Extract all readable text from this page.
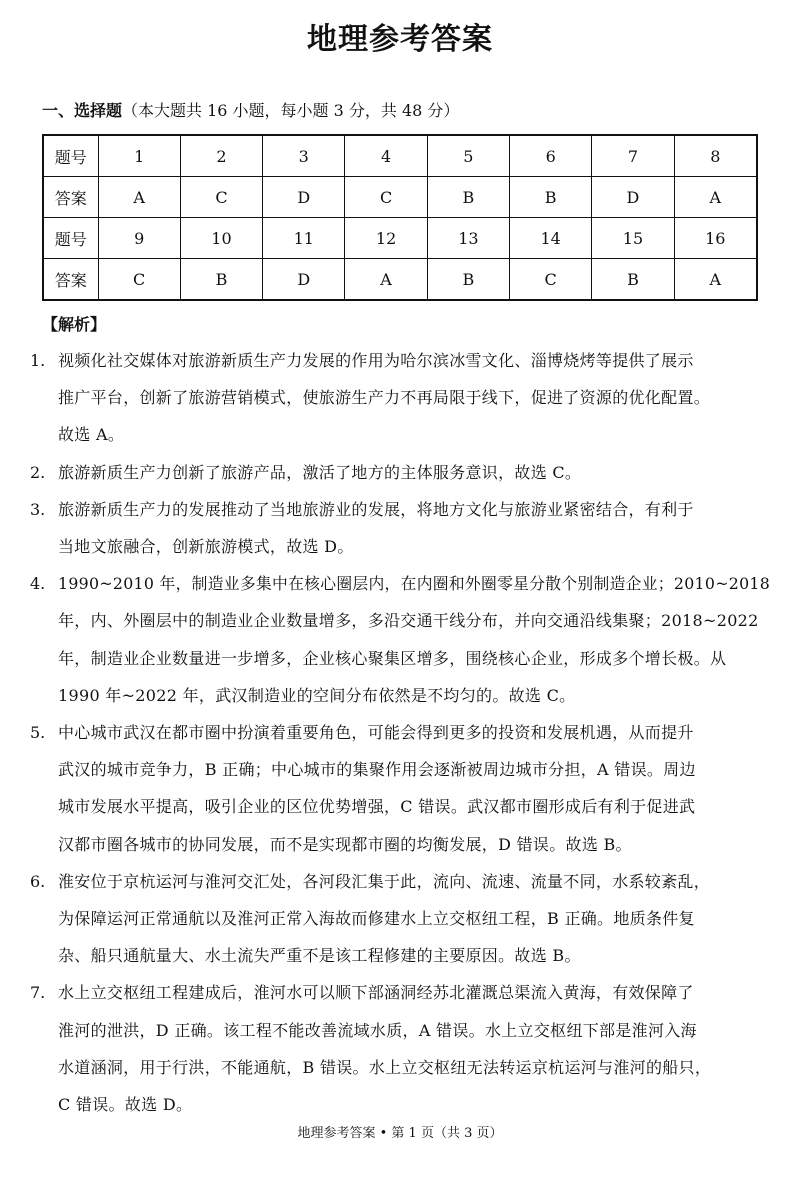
地理参考答案
一、选择题（本大题共 16 小题，每小题 3 分，共 48 分）
题号	1	2	3	4	5	6	7	8
答案	A	C	D	C	B	B	D	A
题号	9	10	11	12	13	14	15	16
答案	C	B	D	A	B	C	B	A
【解析】
1. 视频化社交媒体对旅游新质生产力发展的作用为哈尔滨冰雪文化、淄博烧烤等提供了展示
推广平台，创新了旅游营销模式，使旅游生产力不再局限于线下，促进了资源的优化配置。
故选 A。
2. 旅游新质生产力创新了旅游产品，激活了地方的主体服务意识，故选 C。
3. 旅游新质生产力的发展推动了当地旅游业的发展，将地方文化与旅游业紧密结合，有利于
当地文旅融合，创新旅游模式，故选 D。
4. 1990~2010 年，制造业多集中在核心圈层内，在内圈和外圈零星分散个别制造企业；2010~2018
年，内、外圈层中的制造业企业数量增多，多沿交通干线分布，并向交通沿线集聚；2018~2022
年，制造业企业数量进一步增多，企业核心聚集区增多，围绕核心企业，形成多个增长极。从
1990 年~2022 年，武汉制造业的空间分布依然是不均匀的。故选 C。
5. 中心城市武汉在都市圈中扮演着重要角色，可能会得到更多的投资和发展机遇，从而提升
武汉的城市竞争力，B 正确；中心城市的集聚作用会逐渐被周边城市分担，A 错误。周边
城市发展水平提高，吸引企业的区位优势增强，C 错误。武汉都市圈形成后有利于促进武
汉都市圈各城市的协同发展，而不是实现都市圈的均衡发展，D 错误。故选 B。
6. 淮安位于京杭运河与淮河交汇处，各河段汇集于此，流向、流速、流量不同，水系较紊乱，
为保障运河正常通航以及淮河正常入海故而修建水上立交枢纽工程，B 正确。地质条件复
杂、船只通航量大、水土流失严重不是该工程修建的主要原因。故选 B。
7. 水上立交枢纽工程建成后，淮河水可以顺下部涵洞经苏北灌溉总渠流入黄海，有效保障了
淮河的泄洪，D 正确。该工程不能改善流域水质，A 错误。水上立交枢纽下部是淮河入海
水道涵洞，用于行洪，不能通航，B 错误。水上立交枢纽无法转运京杭运河与淮河的船只，
C 错误。故选 D。
地理参考答案 • 第 1 页（共 3 页）
